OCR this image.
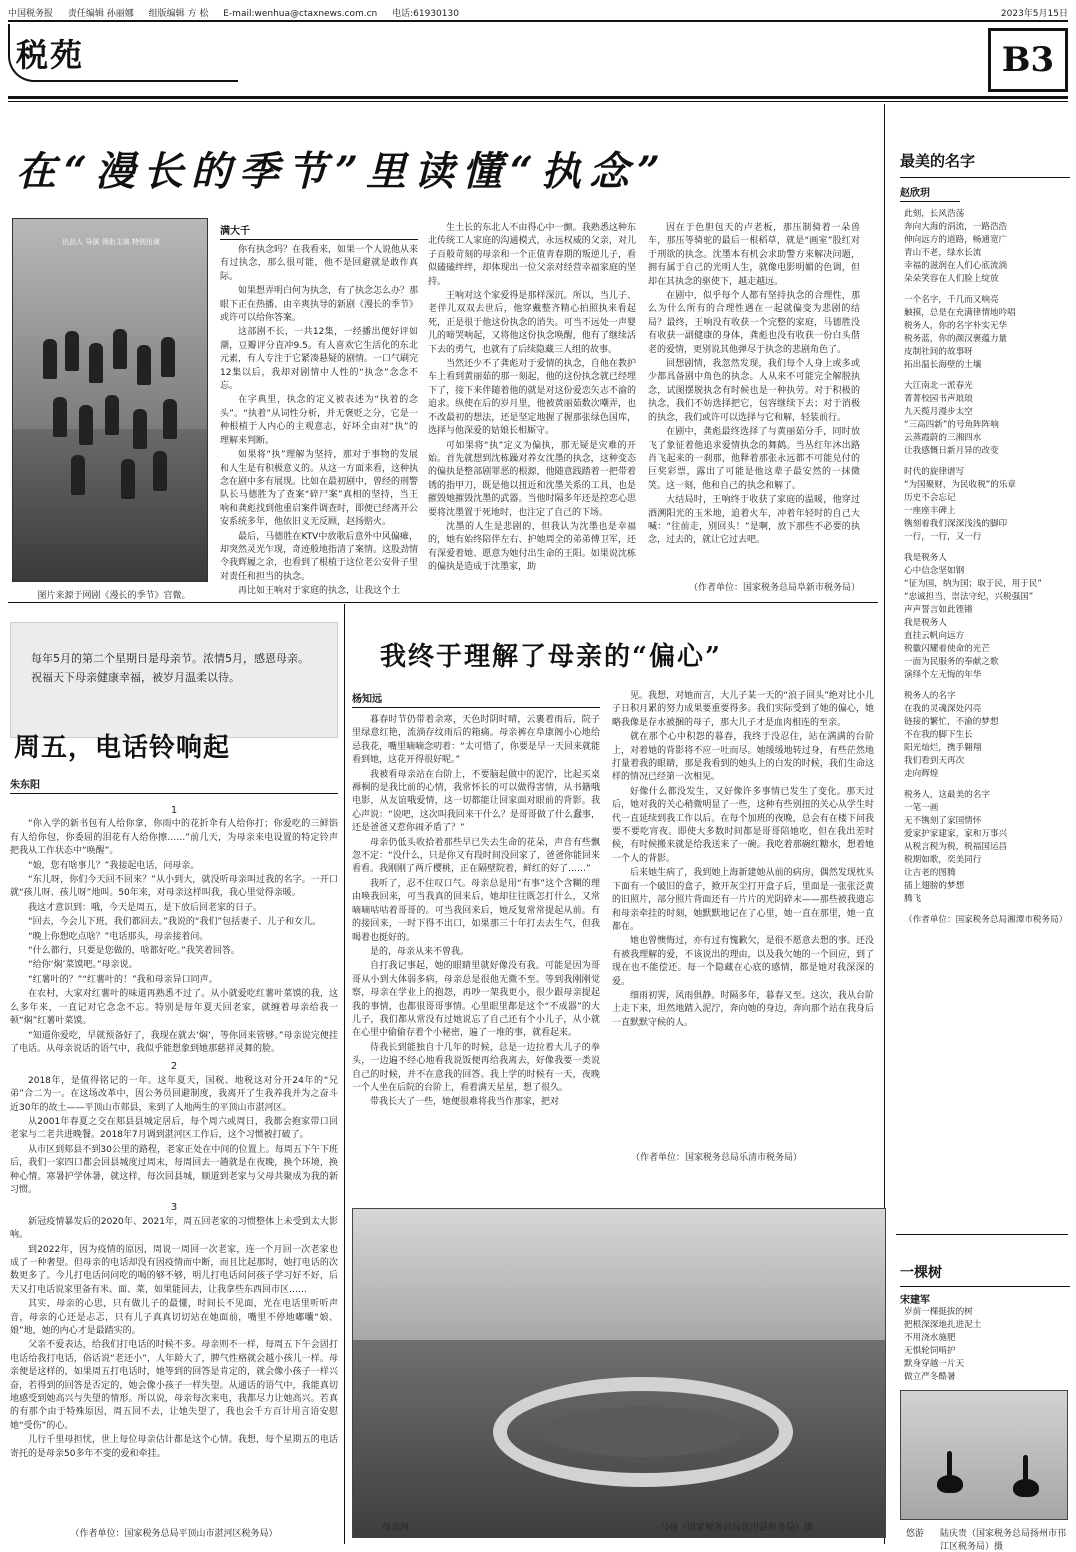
中国税务报 责任编辑 孙丽娜 组版编辑 方 松 E-mail:wenhua@ctaxnews.com.cn 电话:61930130	2023年5月15日
税苑	B3
在“漫长的季节”里读懂“执念”
出品人 导演 领衔主演 特别出演
图片来源于网剧《漫长的季节》官微。
满大千

你有执念吗？在我看来，如果一个人说他从来有过执念，那么很可能，他不是回避就是敢作真际。

如果想弄明白何为执念，有了执念怎么办？那眼下正在热播、由辛爽执导的新剧《漫长的季节》或许可以给你答案。

这部剧不长，一共12集，一经播出便好评如潮，豆瓣评分直冲9.5。有人喜欢它生活化的东北元素，有人专注于它紧凑悬疑的剧情。一口气刷完12集以后，我却对剧情中人性的“执念”念念不忘。

在字典里，执念的定义被表述为“执着的念头”。“执着”从词性分析，并无褒贬之分，它是一种根植于人内心的主观意志，好坏全由对“执”的理解来判断。

如果将“执”理解为坚持，那对于事物的发展和人生是有积极意义的。从这一方面来看，这种执念在剧中多有展现。比如在最初剧中，曾经的刑警队长马德胜为了查案“碎尸案”真相的坚持，当王响和龚彪找到他重启案件调查时，即便已经离开公安系统多年，他依旧义无反顾，赵扬赔火。

最后，马德胜在KTV中放歌后意外中风偏瘫，却突然灵光乍现，奇迹般地指清了案情。这股劲情令我辉履之余，也看到了根植于这位老公安骨子里对责任和担当的执念。

再比如王响对于家庭的执念，让我这个土

生土长的东北人不由得心中一颤。我熟悉这种东北传统工人家庭的沟通模式，永远权威的父亲，对儿子百般苛刻的母亲和一个正值青春期的叛逆儿子，看似磕磕绊绊，却体现出一位父亲对经营幸福家庭的坚持。

王响对这个家爱得是那样深沉。所以，当儿子、老伴儿双双去世后，他穿戴整齐精心拍照执来看起死，正是很于他这份执念的消失。可当不远处一声婴儿的啼哭响起，又将他这份执念唤醒，他有了继续活下去的勇气，也就有了后续隐藏三人组的故事。

当然还少不了龚彪对于爱情的执念，自他在教护车上看到黄丽茹的那一刻起，他的这份执念就已经埋下了，接下来伴随着他的就是对这份爱恋矢志不渝的追求。纵使在后的岁月里，他被黄丽茹数次嘲弄，也不改最初的想法，还是坚定地握了握那张绿色国库，选择与他深爱的姑娘长相厮守。

可如果将“执”定义为偏执，那无疑是灾难的开始。首先就想到沈栋躁对养女沈墨的执念，这种变态的偏执是整部剧罪恶的根源，他随意践踏着一把带着锈的指甲刀，既是他以扭近和沈墨关系的工具，也是摧毁她摧毁沈墨的武器。当他时隔多年还是控恋心思要将沈墨置于死地时，也注定了自己的下场。

沈墨的人生是悲剧的，但我认为沈墨也是幸福的，她有始终陪伴左右、护她周全的弟弟傅卫军，还有深爱着她、愿意为她付出生命的王阳。如果说沈栋的偏执是造成于沈墨家，助

因在于色胆包天的卢老板，那压制骑着一朵兽车，那压等骑驼的最后一根稻草，就是“画室”股红对于刑欲的执念。沈墨本有机会求助警方来解决问题，拥有属于自己的光明人生，就像电影明媚的色调，但却在其执念的驱使下，越走越远。

在剧中，似乎每个人都有坚持执念的合理性，那么为什么所有的合理性遇在一起就偏变为悲剧的结局？最终，王响没有收获一个完整的家庭，马德胜没有收获一副健康的身体，龚彪也没有收获一份白头偕老的爱情，更别说其他弹尽于执念的悲剧角色了。

回想剧情，我忽然发现，我们每个人身上或多或少都具备剧中角色的执念。人从来不可能完全解脱执念，试图摆脱执念有时候也是一种执劳。对于积极的执念，我们不妨选择把它，包容继续下去；对于消极的执念，我们或许可以选择与它和解，轻装前行。

在剧中，龚彪最终选择了与黄丽茹分手，同时放飞了象征着他追求爱情执念的舞鹤。当丛红年沐出路肖飞起来的一刹那，他释着那张永远都不可能兑付的巨奖彩票，露出了可能是他这辈子最安然的一抹微笑。这一刻，他和自己的执念和解了。

大结局时，王响终于收获了家庭的温暖，他穿过酒溯阳光的玉米地，追着火车，冲着年轻时的自己大喊：“往前走，别回头！”是啊，放下那些不必要的执念，过去的，就让它过去吧。

（作者单位：国家税务总局阜新市税务局）
最美的名字
赵欣玥
此刻，长风浩荡
奔向大海的涓流，一路浩浩
伸向远方的道路，畅通宽广
青山不老，绿水长流
幸福的滋润在人们心底流淌
朵朵笑容在人们脸上绽放
一个名字，千几而又响亮
触摸，总是在充满律情地吟唱
税务人，你的名字朴实无华
税务蓝，你的颜汉裹蕴力量
皮制社间的故事呀
拓出温长海壁的土壤
大江南北一派春光
菁菁校园书声琅琅
九天揽月漫步太空
“三高四新”的号角阵阵响
云蒸霞蔚的三湘四水
让我感慨日新月异的改变
时代的旋律谱写
“为国聚财，为民收税”的乐章
历史不会忘记
一座座丰碑上
镌刻着我们深深浅浅的脚印
一行，一行，又一行
我是税务人
心中信念坚如钢
“征为国，纳为国；取于民，用于民”
“忠诚担当，崇法守纪，兴税强国”
声声誓言如此铿锵
我是税务人
直挂云帆向远方
税徽闪耀着使命的光芒
一面为民服务的奉献之歌
演绎个左无悔的年华
税务人的名字
在我的灵魂深处闪亮
链接的繁忙，不渝的梦想
不在我的脚下生长
阳光灿烂，携手翱翔
我们看到天再次
走向辉煌
税务人，这最美的名字
一笔一画
无不镌刻了家国情怀
爱家护家建家，家和万事兴
从税言税为税，税福国运昌
税期如歌，奕美同行
让吉老的图腾
插上翅膀的梦想
腾飞
（作者单位：国家税务总局湘潭市税务局）
每年5月的第二个星期日是母亲节。浓情5月，感恩母亲。祝福天下母亲健康幸福，被岁月温柔以待。
周五，电话铃响起
朱东阳

1

“你入学的新书包有人给你拿，你雨中的花折伞有人给你打；你爱吃的三鲜馅有人给你包，你委屈的泪花有人给你擦……”前几天，为母亲来电设置的特定铃声把我从工作状态中“唤醒”。

“娘，您有啥事儿？”我接起电话，问母亲。

“东儿呀，你们今天回不回来？”从小到大，就没听母亲叫过我的名字。一开口就“孩儿呀、孩儿呀”地叫。50年来，对母亲这样叫我，我心里觉得亲暖。

我这才意识到：哦，今天是周五，是下放后回老家的日子。

“回去，今会儿下班，我们都回去。”我说的“我们”包括妻子、儿子和女儿。

“晚上你想吃点啥？”电话那头，母亲接着问。

“什么都行，只要是您做的，啥都好吃。”我笑着回答。

“给你‘焖’菜馍吧。”母亲说。

“红薯叶的？”“红薯叶的！”我和母亲异口同声。

在农村，大家对红薯叶的味道再熟悉不过了。从小就爱吃红薯叶菜馍的我，这么多年来，一直记对它念念不忘。特别是每年夏天回老家，就缠着母亲给我一顿“焖”红薯叶菜馍。

“知道你爱吃，早就预备好了，我现在就去‘焖’，等你回来管够。”母亲说完便挂了电话。从母亲说话的语气中，我似乎能想象到她那慈祥灵舞的脸。

2

2018年，是值得铭记的一年。这年夏天，国税、地税这对分开24年的“兄弟”合二为一。在这场改革中，因公务员回避制度，我离开了生我养我并为之奋斗近30年的故土——平顶山市郏县，来到了人地两生的平顶山市湛河区。

从2001年春夏之交在郏县县城定居后，每个周六或周日，我都会抱家带口回老家与二老共进晚餐。2018年7月调到湛河区工作后，这个习惯被打破了。

从市区到郏县不到30公里的路程，老家正处在中间的位置上。每周五下午下班后，我们一家四口都会回县城度过周末，每周回去一趟就是在夜晚，换个环境，换种心情。寒暑护学休暑，就这样，每次回县城，顺道到老家与父母共聚成为我的新习惯。

3

新冠疫情暴发后的2020年、2021年，周五回老家的习惯整体上未受到太大影响。

到2022年，因为疫情的原因，周说一周回一次老家，连一个月回一次老家也成了一种奢望。但母亲的电话却没有因疫情而中断，而且比起那时，她打电话的次数更多了。今儿打电话问问吃的喝的够不够，明儿打电话问问孩子学习好不好，后天又打电话说家里备有米、面、菜，如果能回去，让我拿些东西回市区……

其实，母亲的心思，只有做儿子的最懂，时间长不见面，光在电话里听听声音，母亲的心还是忐忑，只有儿子真真切切站在她面前，嘴里不停地嘟囔“娘、娘”地，她的内心才是最踏实的。

父亲不爱表达，给我们打电话的时候不多。母亲则不一样，每周五下午会固打电话给我打电话，俗话说“老还小”，人年龄大了，脾气性格就会越小孩儿一样。母亲便是这样的，如果周五打电话时，她等到的回答是肯定的，就会像小孩子一样兴奋，若得到的回答是否定的，她会像小孩子一样失望。从通话的语气中，我能真切地感受到她高兴与失望的情形。所以说，母亲每次来电，我都尽力让她高兴。若真的有那个由于特殊原因，周五回不去，让她失望了，我也会千方百计用言语安慰她“受伤”的心。

儿行千里母担忧，世上每位母亲估计都是这个心情。我想，每个星期五的电话寄托的是母亲50多年不变的爱和牵挂。

（作者单位：国家税务总局平顶山市湛河区税务局）
我终于理解了母亲的“偏心”
杨知远

暮春时节仍带着余寒，天色时阴时晴，云裹着雨后，院子里绿意红艳，流淌存纹雨后的箱痛。母亲裤在阜康阁小心地给忌我花，嘴里嘀嘀念叨着：“太可惜了，你要是早一天回来就能看到她，这花开得很好呢。”

我被看母亲站在台阶上，不要脑起做中的泥泞，比起买桌褥桐的是我比前的心情，我常怀长的可以做得害情，从书籍哦电影，从友谊哦爱情，这一切都能让回家面对眼前的背影。我心声说：“说吧，这次叫我回来干什么？是哥哥做了什么蠢事，还是爸爸又惹你闹矛盾了？”

母亲仍低头收拾着那些早已失去生命的花朵，声音有些飘忽不定：“没什么，只是你又有段时间没回家了，爸爸你能回来看看。我刚刚了两斤樱桃，正在隔壁院着，鲜红的好了……”

我听了，忍不住叹口气。母亲总是用“有事”这个含糊的理由唤我回来，可当我真的回来后，她却往往既怎打什么，又常嘀嘀咕咕着哥哥的。可当我回来后，她反复常常提起从前。有的接回来，一时下得不出口，如果那三十年打去去生气，但我喝着也挺好的。

是的，母亲从来不曾我。

自打我记事起，她的眼睛里就好像没有我。可能是因为哥哥从小到大体弱多病，母亲总是很他无微不至。等到我刚刚觉察，母亲在学业上的抱怨，再吵一架我更小，很少跟母亲提起我的事情，也都很哥哥事情。心里眼里都是这个“不成器”的大儿子，我们都从常没有过她说忘了自己还有个小儿子，从小就在心里中偷偷存着个小秘密，遍了一堆的事，就看起来。

待我长到能独自十几年的时候，总是一边拉着大儿子的拳头，一边遍不经心地看我说饭便再给我离去，好像我要一类说自己的时候，并不在意我的回答。我上学的时候有一天，夜晚一个人坐在后院的台阶上，看着满天星星，想了很久。

带我长大了一些，她便很难将我当作那家，把对

见。我想，对她而言，大儿子某一天的“浪子回头”绝对比小儿子日积月累的努力成果要重要得多。我们实际受到了她的偏心，她略我像是存水被捆的母子，那大儿子才是血肉相连的至亲。

就在那个心中积怨的暮春，我终于没忍住，站在满满的台阶上，对着她的背影将不应一吐而尽。她缓缓地转过身，有些茫然地打量着我的眼睛，那是我看到的她头上的白发的时候，我们生命这样的情况已经第一次相见。

好像什么都没发生，又好像许多事情已发生了变化。那天过后，她对我的关心稍微明显了一些，这种有些别扭的关心从学生时代一直延续到我工作以后。在每个加班的夜晚，总会有在楼下问我要不要吃宵夜。即使大多数时间都是哥哥陪她吃，但在我出差时候，有时候搬来就是给我送来了一碗。我吃着那碗红糖水，想着她一个人的背影。

后来她生病了，我到她上海新建她从前的病房，偶然发现枕头下面有一个破旧的盒子，掀开灰尘打开盒子后，里面是一张张泛黄的旧照片，部分照片背面还有一片片的光阴碎末——那些被我遗忘和母亲牵挂的时刻，她默默地记在了心里，她一直在那里，她一直都在。

她也曾懊悔过，亦有过有愧歉欠，是很不愿意去想的事。还没有被我理解的爱，不该说出的理由，以及我欠她的一个回应，到了现在也不能偿还。每一个隐藏在心底的感情，都是她对我深深的爱。

细雨初霁，风雨俱静。时隔多年，暮春又至。这次，我从台阶上走下来，坦然地踏入泥泞，奔向她的身边，奔向那个站在我身后一直默默守候的人。

（作者单位：国家税务总局乐清市税务局）
母亲河	马强（国家税务总局延川县税务局）摄
一棵树
宋建军
岁前一棵挺拔的树
把根深深地扎进泥土
不用浇水施肥
无惧轮饲啃护
默身穿越一片天
做立严冬酷暑
悠游 陆庆贵（国家税务总局扬州市邗江区税务局）摄
